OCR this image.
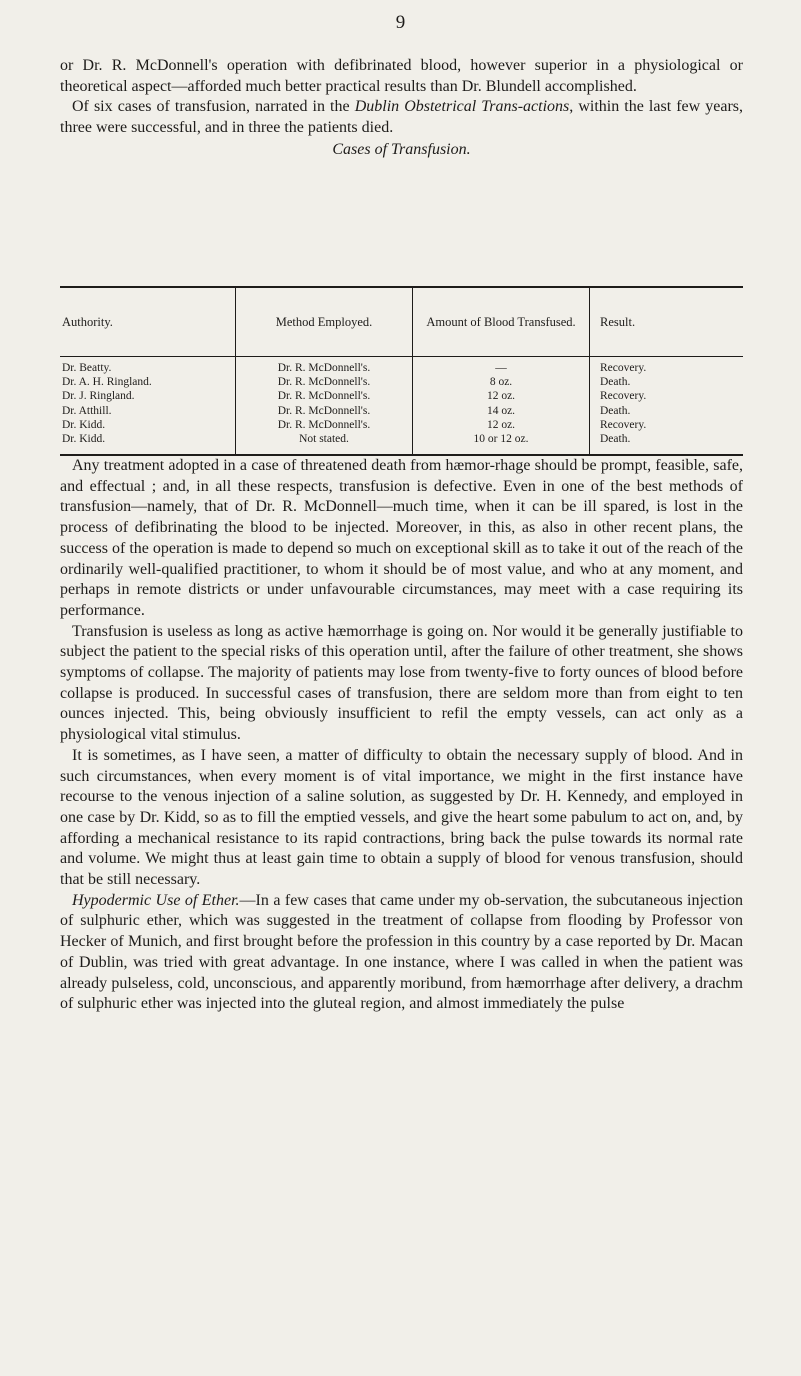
9

or Dr. R. McDonnell's operation with defibrinated blood, however superior in a physiological or theoretical aspect—afforded much better practical results than Dr. Blundell accomplished.

Of six cases of transfusion, narrated in the Dublin Obstetrical Trans-actions, within the last few years, three were successful, and in three the patients died.

Cases of Transfusion.
Authority.	Method Employed.	Amount of Blood Transfused.	Result.
Dr. Beatty.	Dr. R. McDonnell's.	—	Recovery.
Dr. A. H. Ringland.	Dr. R. McDonnell's.	8 oz.	Death.
Dr. J. Ringland.	Dr. R. McDonnell's.	12 oz.	Recovery.
Dr. Atthill.	Dr. R. McDonnell's.	14 oz.	Death.
Dr. Kidd.	Dr. R. McDonnell's.	12 oz.	Recovery.
Dr. Kidd.	Not stated.	10 or 12 oz.	Death.

Any treatment adopted in a case of threatened death from hæmor-rhage should be prompt, feasible, safe, and effectual ; and, in all these respects, transfusion is defective. Even in one of the best methods of transfusion—namely, that of Dr. R. McDonnell—much time, when it can be ill spared, is lost in the process of defibrinating the blood to be injected. Moreover, in this, as also in other recent plans, the success of the operation is made to depend so much on exceptional skill as to take it out of the reach of the ordinarily well-qualified practitioner, to whom it should be of most value, and who at any moment, and perhaps in remote districts or under unfavourable circumstances, may meet with a case requiring its performance.

Transfusion is useless as long as active hæmorrhage is going on. Nor would it be generally justifiable to subject the patient to the special risks of this operation until, after the failure of other treatment, she shows symptoms of collapse. The majority of patients may lose from twenty-five to forty ounces of blood before collapse is produced. In successful cases of transfusion, there are seldom more than from eight to ten ounces injected. This, being obviously insufficient to refil the empty vessels, can act only as a physiological vital stimulus.

It is sometimes, as I have seen, a matter of difficulty to obtain the necessary supply of blood. And in such circumstances, when every moment is of vital importance, we might in the first instance have recourse to the venous injection of a saline solution, as suggested by Dr. H. Kennedy, and employed in one case by Dr. Kidd, so as to fill the emptied vessels, and give the heart some pabulum to act on, and, by affording a mechanical resistance to its rapid contractions, bring back the pulse towards its normal rate and volume. We might thus at least gain time to obtain a supply of blood for venous transfusion, should that be still necessary.

Hypodermic Use of Ether.—In a few cases that came under my ob-servation, the subcutaneous injection of sulphuric ether, which was suggested in the treatment of collapse from flooding by Professor von Hecker of Munich, and first brought before the profession in this country by a case reported by Dr. Macan of Dublin, was tried with great advantage. In one instance, where I was called in when the patient was already pulseless, cold, unconscious, and apparently moribund, from hæmorrhage after delivery, a drachm of sulphuric ether was injected into the gluteal region, and almost immediately the pulse
